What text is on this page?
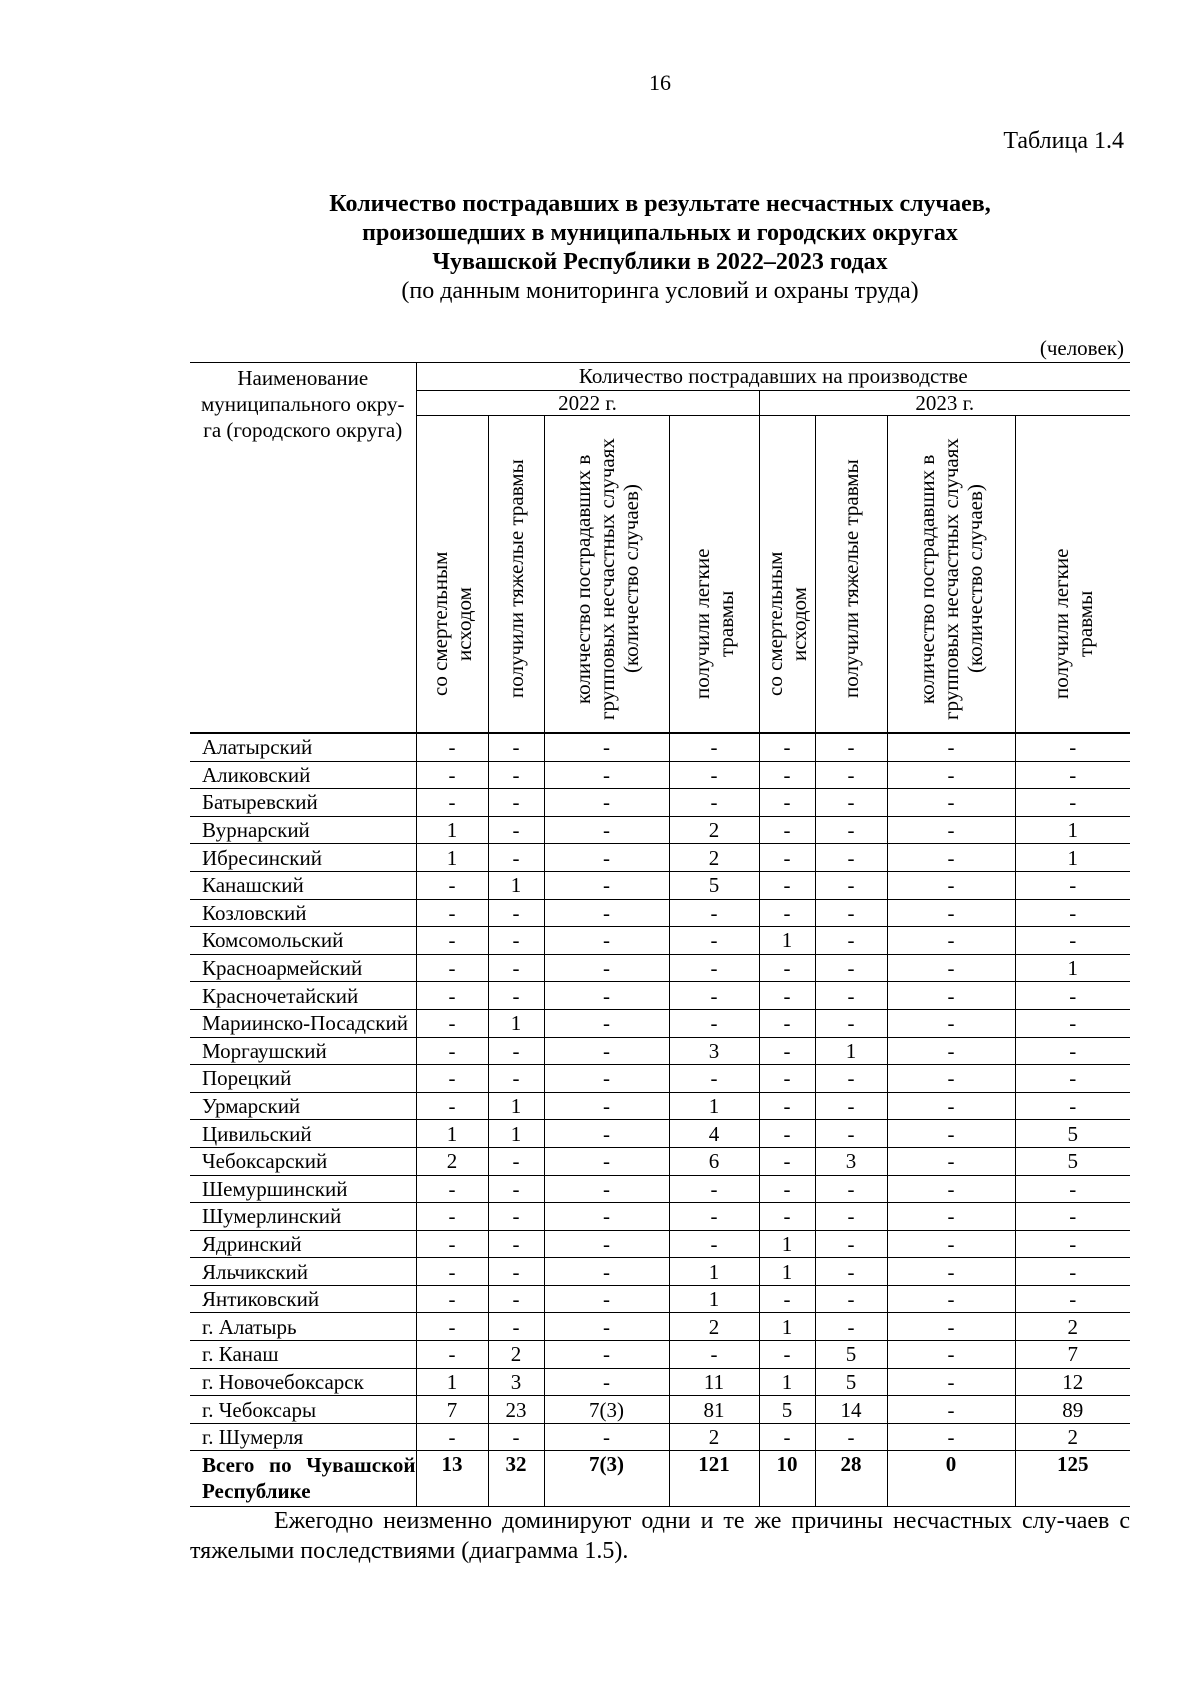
16
Таблица 1.4
Количество пострадавших в результате несчастных случаев,
произошедших в муниципальных и городских округах
Чувашской Республики в 2022–2023 годах
(по данным мониторинга условий и охраны труда)
(человек)
Наименование муниципального окру-га (городского округа)	Количество пострадавших на производстве							
	2022 г.				2023 г.			

	со смертельным исходом	получили тяжелые травмы	количество пострадавших в групповых несчастных случаях (количество случаев)	получили легкие травмы	со смертельным исходом	получили тяжелые травмы	количество пострадавших в групповых несчастных случаях (количество случаев)	получили легкие травмы

Алатырский	-	-	-	-	-	-	-	-
Аликовский	-	-	-	-	-	-	-	-
Батыревский	-	-	-	-	-	-	-	-
Вурнарский	1	-	-	2	-	-	-	1
Ибресинский	1	-	-	2	-	-	-	1
Канашский	-	1	-	5	-	-	-	-
Козловский	-	-	-	-	-	-	-	-
Комсомольский	-	-	-	-	1	-	-	-
Красноармейский	-	-	-	-	-	-	-	1
Красночетайский	-	-	-	-	-	-	-	-
Мариинско-Посадский	-	1	-	-	-	-	-	-
Моргаушский	-	-	-	3	-	1	-	-
Порецкий	-	-	-	-	-	-	-	-
Урмарский	-	1	-	1	-	-	-	-
Цивильский	1	1	-	4	-	-	-	5
Чебоксарский	2	-	-	6	-	3	-	5
Шемуршинский	-	-	-	-	-	-	-	-
Шумерлинский	-	-	-	-	-	-	-	-
Ядринский	-	-	-	-	1	-	-	-
Яльчикский	-	-	-	1	1	-	-	-
Янтиковский	-	-	-	1	-	-	-	-
г. Алатырь	-	-	-	2	1	-	-	2
г. Канаш	-	2	-	-	-	5	-	7
г. Новочебоксарск	1	3	-	11	1	5	-	12
г. Чебоксары	7	23	7(3)	81	5	14	-	89
г. Шумерля	-	-	-	2	-	-	-	2
Всего по Чувашской Республике	13	32	7(3)	121	10	28	0	125
Ежегодно неизменно доминируют одни и те же причины несчастных слу-чаев с тяжелыми последствиями (диаграмма 1.5).
